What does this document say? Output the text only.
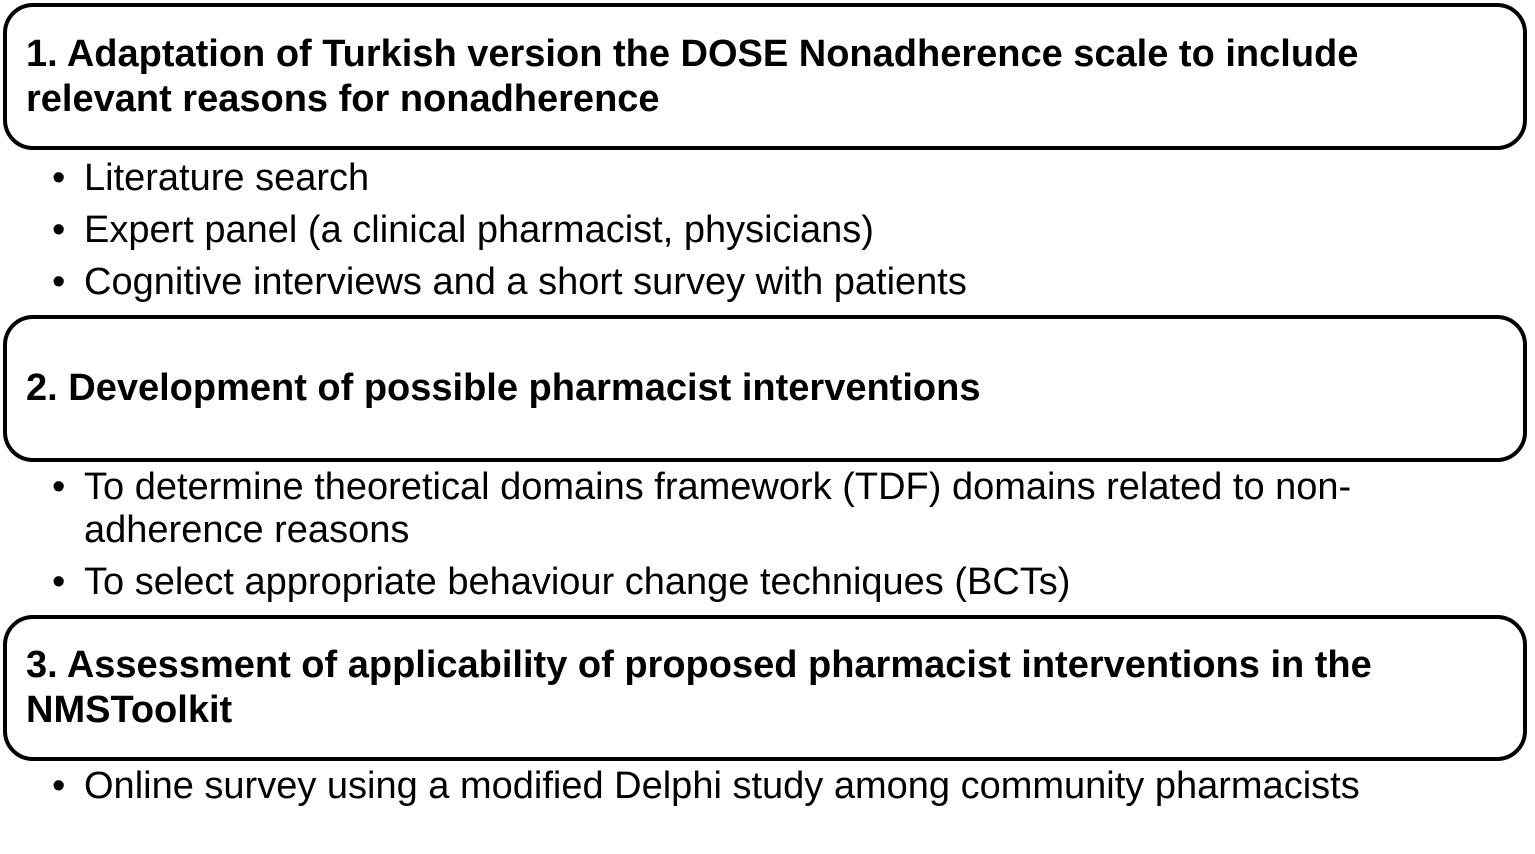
1. Adaptation of Turkish version the DOSE Nonadherence scale to include relevant reasons for nonadherence

• Literature search
• Expert panel (a clinical pharmacist, physicians)
• Cognitive interviews and a short survey with patients

2. Development of possible pharmacist interventions

• To determine theoretical domains framework (TDF) domains related to non-adherence reasons
• To select appropriate behaviour change techniques (BCTs)

3. Assessment of applicability of proposed pharmacist interventions in the NMSToolkit

• Online survey using a modified Delphi study among community pharmacists
